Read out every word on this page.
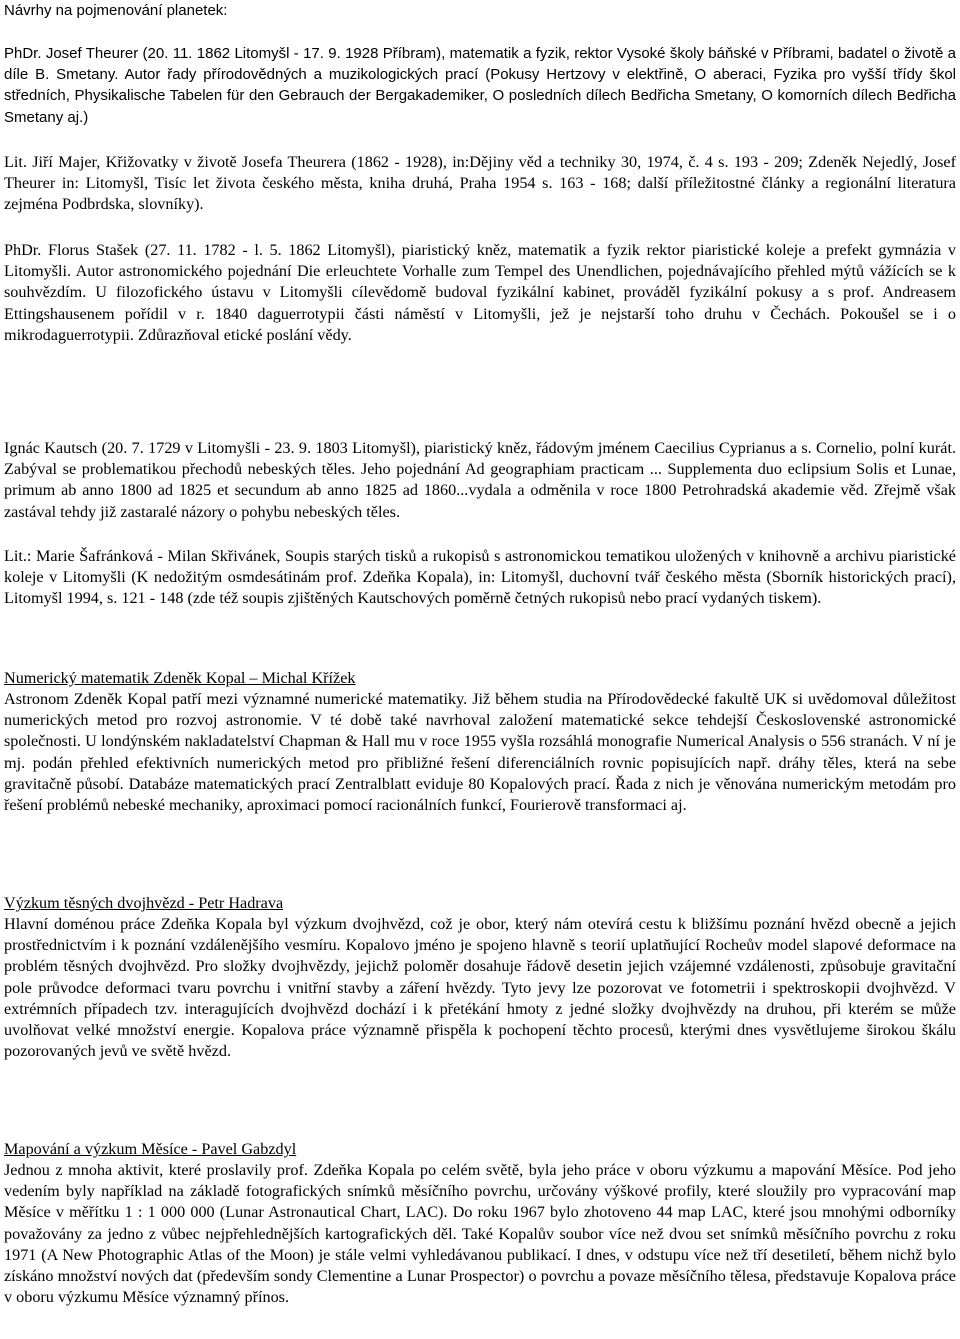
Návrhy na pojmenování planetek:

PhDr. Josef Theurer (20. 11. 1862 Litomyšl - 17. 9. 1928 Příbram), matematik a fyzik, rektor Vysoké školy báňské v Příbrami, badatel o životě a díle B. Smetany. Autor řady přírodovědných a muzikologických prací (Pokusy Hertzovy v elektřině, O aberaci, Fyzika pro vyšší třídy škol středních, Physikalische Tabelen für den Gebrauch der Bergakademiker, O posledních dílech Bedřicha Smetany, O komorních dílech Bedřicha Smetany aj.)

Lit. Jiří Majer, Křižovatky v životě Josefa Theurera (1862 - 1928), in:Dějiny věd a techniky 30, 1974, č. 4 s. 193 - 209; Zdeněk Nejedlý, Josef Theurer in: Litomyšl, Tisíc let života českého města, kniha druhá, Praha 1954 s. 163 - 168; další příležitostné články a regionální literatura zejména Podbrdska, slovníky).

PhDr. Florus Stašek (27. 11. 1782 - l. 5. 1862 Litomyšl), piaristický kněz, matematik a fyzik rektor piaristické koleje a prefekt gymnázia v Litomyšli. Autor astronomického pojednání Die erleuchtete Vorhalle zum Tempel des Unendlichen, pojednávajícího přehled mýtů vážících se k souhvězdím. U filozofického ústavu v Litomyšli cílevědomě budoval fyzikální kabinet, prováděl fyzikální pokusy a s prof. Andreasem Ettingshausenem pořídil v r. 1840 daguerrotypii části náměstí v Litomyšli, jež je nejstarší toho druhu v Čechách. Pokoušel se i o mikrodaguerrotypii. Zdůrazňoval etické poslání vědy.

Ignác Kautsch (20. 7. 1729 v Litomyšli - 23. 9. 1803 Litomyšl), piaristický kněz, řádovým jménem Caecilius Cyprianus a s. Cornelio, polní kurát. Zabýval se problematikou přechodů nebeských těles. Jeho pojednání Ad geographiam practicam ... Supplementa duo eclipsium Solis et Lunae, primum ab anno 1800 ad 1825 et secundum ab anno 1825 ad 1860...vydala a odměnila v roce 1800 Petrohradská akademie věd. Zřejmě však zastával tehdy již zastaralé názory o pohybu nebeských těles.

Lit.: Marie Šafránková - Milan Skřivánek, Soupis starých tisků a rukopisů s astronomickou tematikou uložených v knihovně a archivu piaristické koleje v Litomyšli (K nedožitým osmdesátinám prof. Zdeňka Kopala), in: Litomyšl, duchovní tvář českého města (Sborník historických prací), Litomyšl 1994, s. 121 - 148 (zde též soupis zjištěných Kautschových poměrně četných rukopisů nebo prací vydaných tiskem).

Numerický matematik Zdeněk Kopal – Michal Křížek

Astronom Zdeněk Kopal patří mezi významné numerické matematiky. Již během studia na Přírodovědecké fakultě UK si uvědomoval důležitost numerických metod pro rozvoj astronomie. V té době také navrhoval založení matematické sekce tehdejší Československé astronomické společnosti. U londýnském nakladatelství Chapman & Hall mu v roce 1955 vyšla rozsáhlá monografie Numerical Analysis o 556 stranách. V ní je mj. podán přehled efektivních numerických metod pro přibližné řešení diferenciálních rovnic popisujících např. dráhy těles, která na sebe gravitačně působí. Databáze matematických prací Zentralblatt eviduje 80 Kopalových prací. Řada z nich je věnována numerickým metodám pro řešení problémů nebeské mechaniky, aproximaci pomocí racionálních funkcí, Fourierově transformaci aj.

Výzkum těsných dvojhvězd - Petr Hadrava

Hlavní doménou práce Zdeňka Kopala byl výzkum dvojhvězd, což je obor, který nám otevírá cestu k bližšímu poznání hvězd obecně a jejich prostřednictvím i k poznání vzdálenějšího vesmíru. Kopalovo jméno je spojeno hlavně s teorií uplatňující Rocheův model slapové deformace na problém těsných dvojhvězd. Pro složky dvojhvězdy, jejichž poloměr dosahuje řádově desetin jejich vzájemné vzdálenosti, způsobuje gravitační pole průvodce deformaci tvaru povrchu i vnitřní stavby a záření hvězdy. Tyto jevy lze pozorovat ve fotometrii i spektroskopii dvojhvězd. V extrémních případech tzv. interagujících dvojhvězd dochází i k přetékání hmoty z jedné složky dvojhvězdy na druhou, při kterém se může uvolňovat velké množství energie. Kopalova práce významně přispěla k pochopení těchto procesů, kterými dnes vysvětlujeme širokou škálu pozorovaných jevů ve světě hvězd.

Mapování a výzkum Měsíce - Pavel Gabzdyl

Jednou z mnoha aktivit, které proslavily prof. Zdeňka Kopala po celém světě, byla jeho práce v oboru výzkumu a mapování Měsíce. Pod jeho vedením byly například na základě fotografických snímků měsíčního povrchu, určovány výškové profily, které sloužily pro vypracování map Měsíce v měřítku 1 : 1 000 000 (Lunar Astronautical Chart, LAC). Do roku 1967 bylo zhotoveno 44 map LAC, které jsou mnohými odborníky považovány za jedno z vůbec nejpřehlednějších kartografických děl. Také Kopalův soubor více než dvou set snímků měsíčního povrchu z roku 1971 (A New Photographic Atlas of the Moon) je stále velmi vyhledávanou publikací. I dnes, v odstupu více než tří desetiletí, během nichž bylo získáno množství nových dat (především sondy Clementine a Lunar Prospector) o povrchu a povaze měsíčního tělesa, představuje Kopalova práce v oboru výzkumu Měsíce významný přínos.
